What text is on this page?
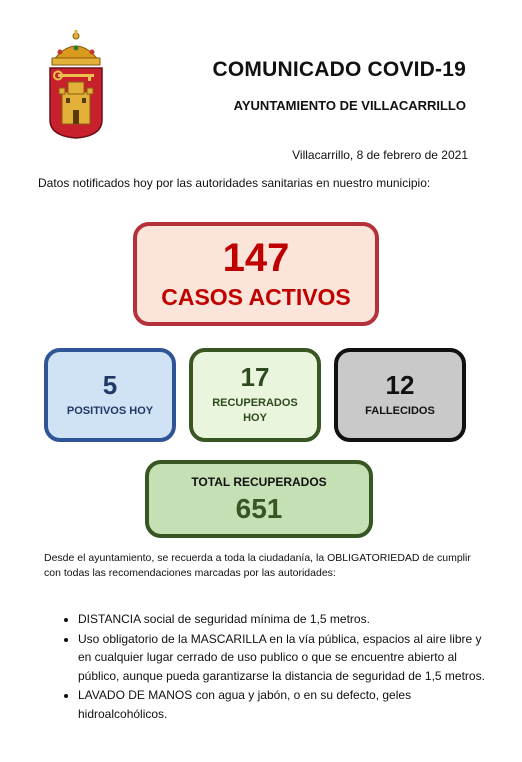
COMUNICADO COVID-19
AYUNTAMIENTO DE VILLACARRILLO
Villacarrillo, 8 de febrero de 2021
Datos notificados hoy por las autoridades sanitarias en nuestro municipio:
147
CASOS ACTIVOS
5
POSITIVOS HOY
17
RECUPERADOS
HOY
12
FALLECIDOS
TOTAL RECUPERADOS
651
Desde el ayuntamiento, se recuerda a toda la ciudadanía, la OBLIGATORIEDAD de cumplir con todas las recomendaciones marcadas por las autoridades:
• DISTANCIA social de seguridad mínima de 1,5 metros.
• Uso obligatorio de la MASCARILLA en la vía pública, espacios al aire libre y en cualquier lugar cerrado de uso publico o que se encuentre abierto al público, aunque pueda garantizarse la distancia de seguridad de 1,5 metros.
• LAVADO DE MANOS con agua y jabón, o en su defecto, geles hidroalcohólicos.
